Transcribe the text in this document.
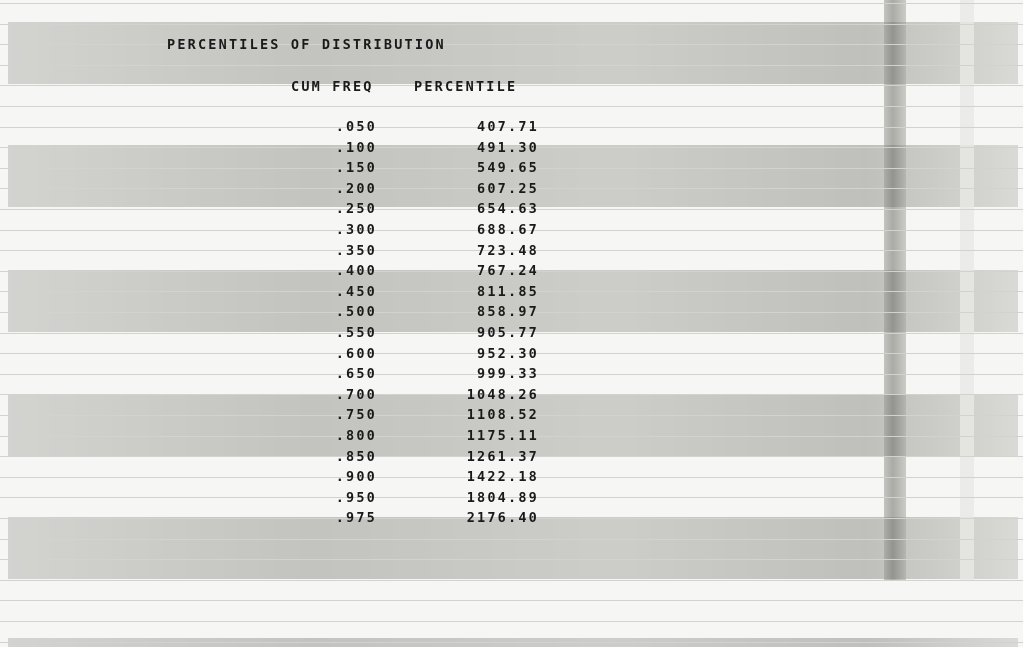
PERCENTILES OF DISTRIBUTION
CUM FREQ	PERCENTILE
.050	407.71
.100	491.30
.150	549.65
.200	607.25
.250	654.63
.300	688.67
.350	723.48
.400	767.24
.450	811.85
.500	858.97
.550	905.77
.600	952.30
.650	999.33
.700	1048.26
.750	1108.52
.800	1175.11
.850	1261.37
.900	1422.18
.950	1804.89
.975	2176.40
